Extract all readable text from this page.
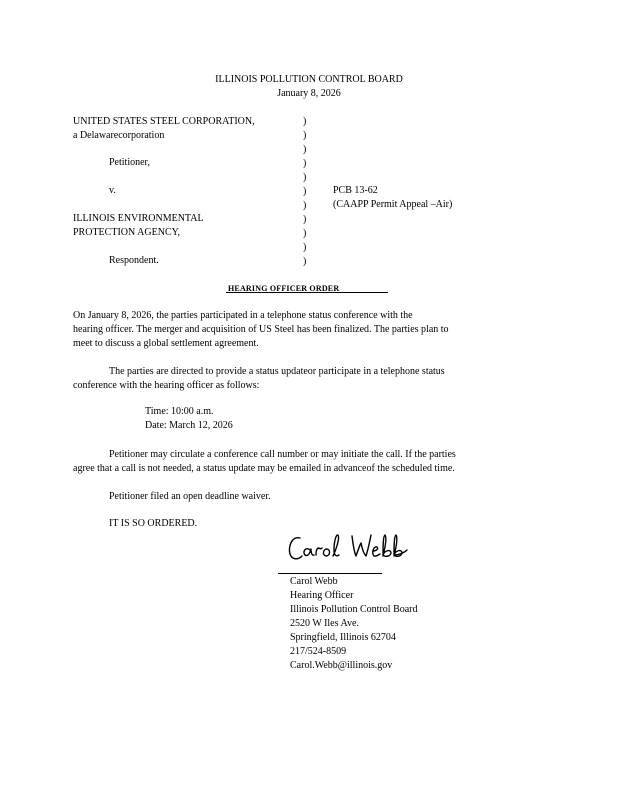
ILLINOIS POLLUTION CONTROL BOARD
January 8, 2026
UNITED STATES STEEL CORPORATION,
a Delawarecorporation
Petitioner,
v.
ILLINOIS ENVIRONMENTAL
PROTECTION AGENCY,
Respondent.
)
)
)
)
)
)
)
)
)
)
)
PCB 13-62
(CAAPP Permit Appeal –Air)
HEARING OFFICER ORDER
On January 8, 2026, the parties participated in a telephone status conference with the
hearing officer. The merger and acquisition of US Steel has been finalized. The parties plan to
meet to discuss a global settlement agreement.
The parties are directed to provide a status updateor participate in a telephone status
conference with the hearing officer as follows:
Time: 10:00 a.m.
Date: March 12, 2026
Petitioner may circulate a conference call number or may initiate the call. If the parties
agree that a call is not needed, a status update may be emailed in advanceof the scheduled time.
Petitioner filed an open deadline waiver.
IT IS SO ORDERED.
Carol Webb
Hearing Officer
Illinois Pollution Control Board
2520 W Iles Ave.
Springfield, Illinois 62704
217/524-8509
Carol.Webb@illinois.gov
